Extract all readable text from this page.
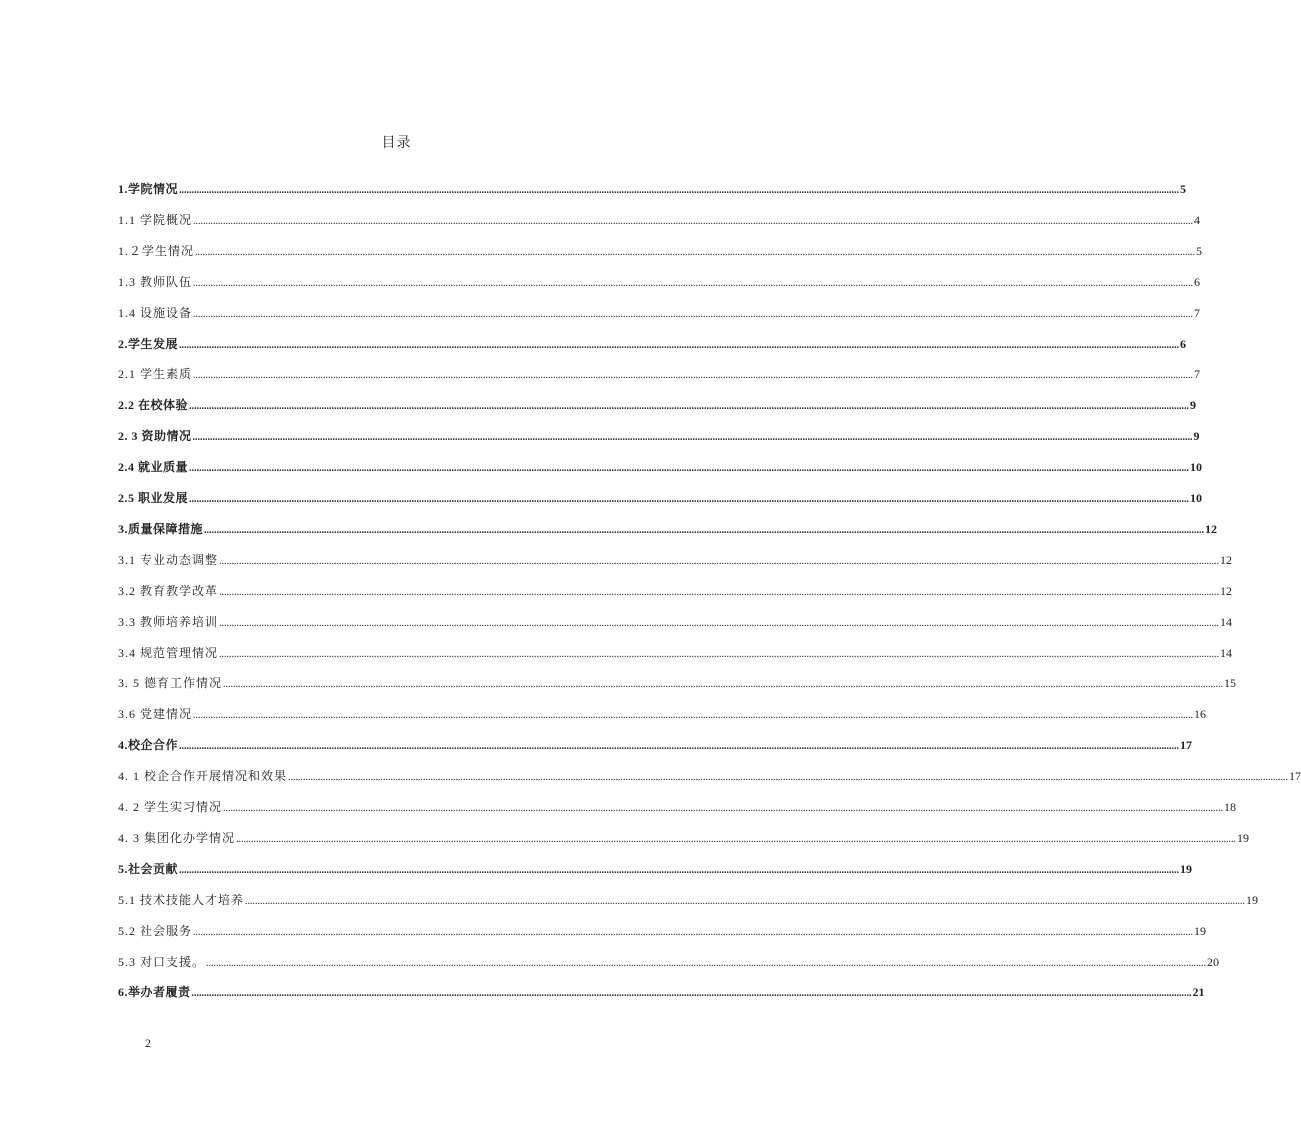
目录
1.学院情况 ................................................................................................................................................................................................................................................................................................................................................................................................................ 5
1.1 学院概况 ................................................................................................................................................................................................................................................................................................................................................................................................................ 4
1.２学生情况 ................................................................................................................................................................................................................................................................................................................................................................................................................ 5
1.3 教师队伍 ................................................................................................................................................................................................................................................................................................................................................................................................................ 6
1.4 设施设备 ................................................................................................................................................................................................................................................................................................................................................................................................................ 7
2.学生发展 ................................................................................................................................................................................................................................................................................................................................................................................................................ 6
2.1 学生素质 ................................................................................................................................................................................................................................................................................................................................................................................................................ 7
2.2 在校体验 ................................................................................................................................................................................................................................................................................................................................................................................................................ 9
2. 3 资助情况 ................................................................................................................................................................................................................................................................................................................................................................................................................ 9
2.4 就业质量 ................................................................................................................................................................................................................................................................................................................................................................................................................ 10
2.5 职业发展 ................................................................................................................................................................................................................................................................................................................................................................................................................ 10
3.质量保障措施 ................................................................................................................................................................................................................................................................................................................................................................................................................ 12
3.1 专业动态调整 ................................................................................................................................................................................................................................................................................................................................................................................................................ 12
3.2 教育教学改革 ................................................................................................................................................................................................................................................................................................................................................................................................................ 12
3.3 教师培养培训 ................................................................................................................................................................................................................................................................................................................................................................................................................ 14
3.4 规范管理情况 ................................................................................................................................................................................................................................................................................................................................................................................................................ 14
3. 5 德育工作情况 ................................................................................................................................................................................................................................................................................................................................................................................................................ 15
3.6 党建情况 ................................................................................................................................................................................................................................................................................................................................................................................................................ 16
4.校企合作 ................................................................................................................................................................................................................................................................................................................................................................................................................ 17
4. 1 校企合作开展情况和效果 ................................................................................................................................................................................................................................................................................................................................................................................................................ 17
4. 2 学生实习情况 ................................................................................................................................................................................................................................................................................................................................................................................................................ 18
4. 3 集团化办学情况 ................................................................................................................................................................................................................................................................................................................................................................................................................ 19
5.社会贡献 ................................................................................................................................................................................................................................................................................................................................................................................................................ 19
5.1 技术技能人才培养 ................................................................................................................................................................................................................................................................................................................................................................................................................ 19
5.2 社会服务 ................................................................................................................................................................................................................................................................................................................................................................................................................ 19
5.3 对口支援。 ................................................................................................................................................................................................................................................................................................................................................................................................................ 20
6.举办者履责 ................................................................................................................................................................................................................................................................................................................................................................................................................ 21
2
